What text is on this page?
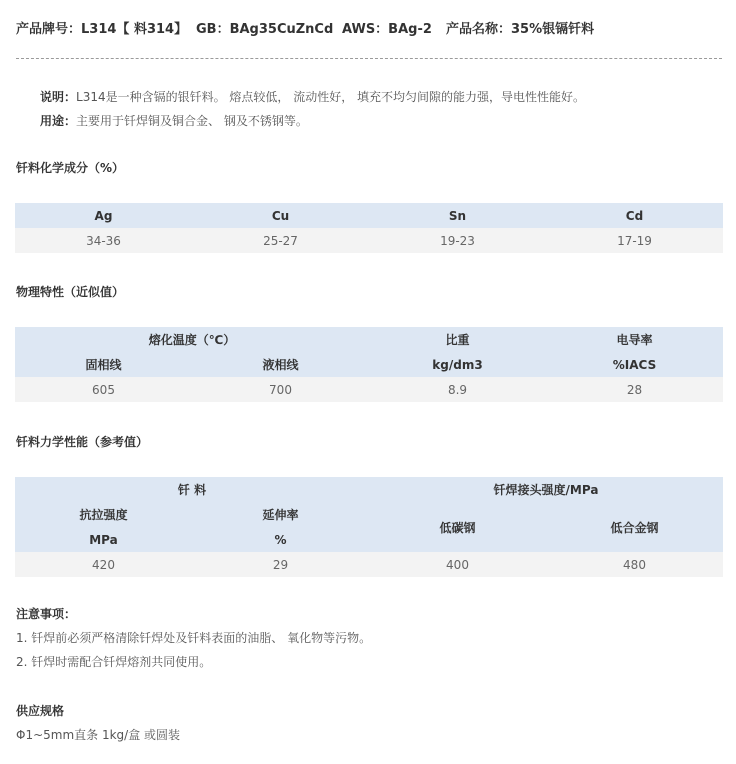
产品牌号：L314【 料314】 GB：BAg35CuZnCd AWS：BAg-2 产品名称：35%银镉钎料
说明：L314是一种含镉的银钎料。 熔点较低， 流动性好， 填充不均匀间隙的能力强，导电性性能好。
用途：主要用于钎焊铜及铜合金、 钢及不锈钢等。
钎料化学成分（%）
Ag	Cu	Sn	Cd
34-36	25-27	19-23	17-19
物理特性（近似值）
熔化温度（℃）		比重	电导率
固相线	液相线	kg/dm3	%IACS
605	700	8.9	28
钎料力学性能（参考值）
钎 料		钎焊接头强度/MPa	
抗拉强度	延伸率	低碳钢	低合金钢
MPa	%		
420	29	400	480
注意事项：
1. 钎焊前必须严格清除钎焊处及钎料表面的油脂、 氧化物等污物。
2. 钎焊时需配合钎焊熔剂共同使用。
供应规格
Φ1~5mm直条 1kg/盒 或圆装
